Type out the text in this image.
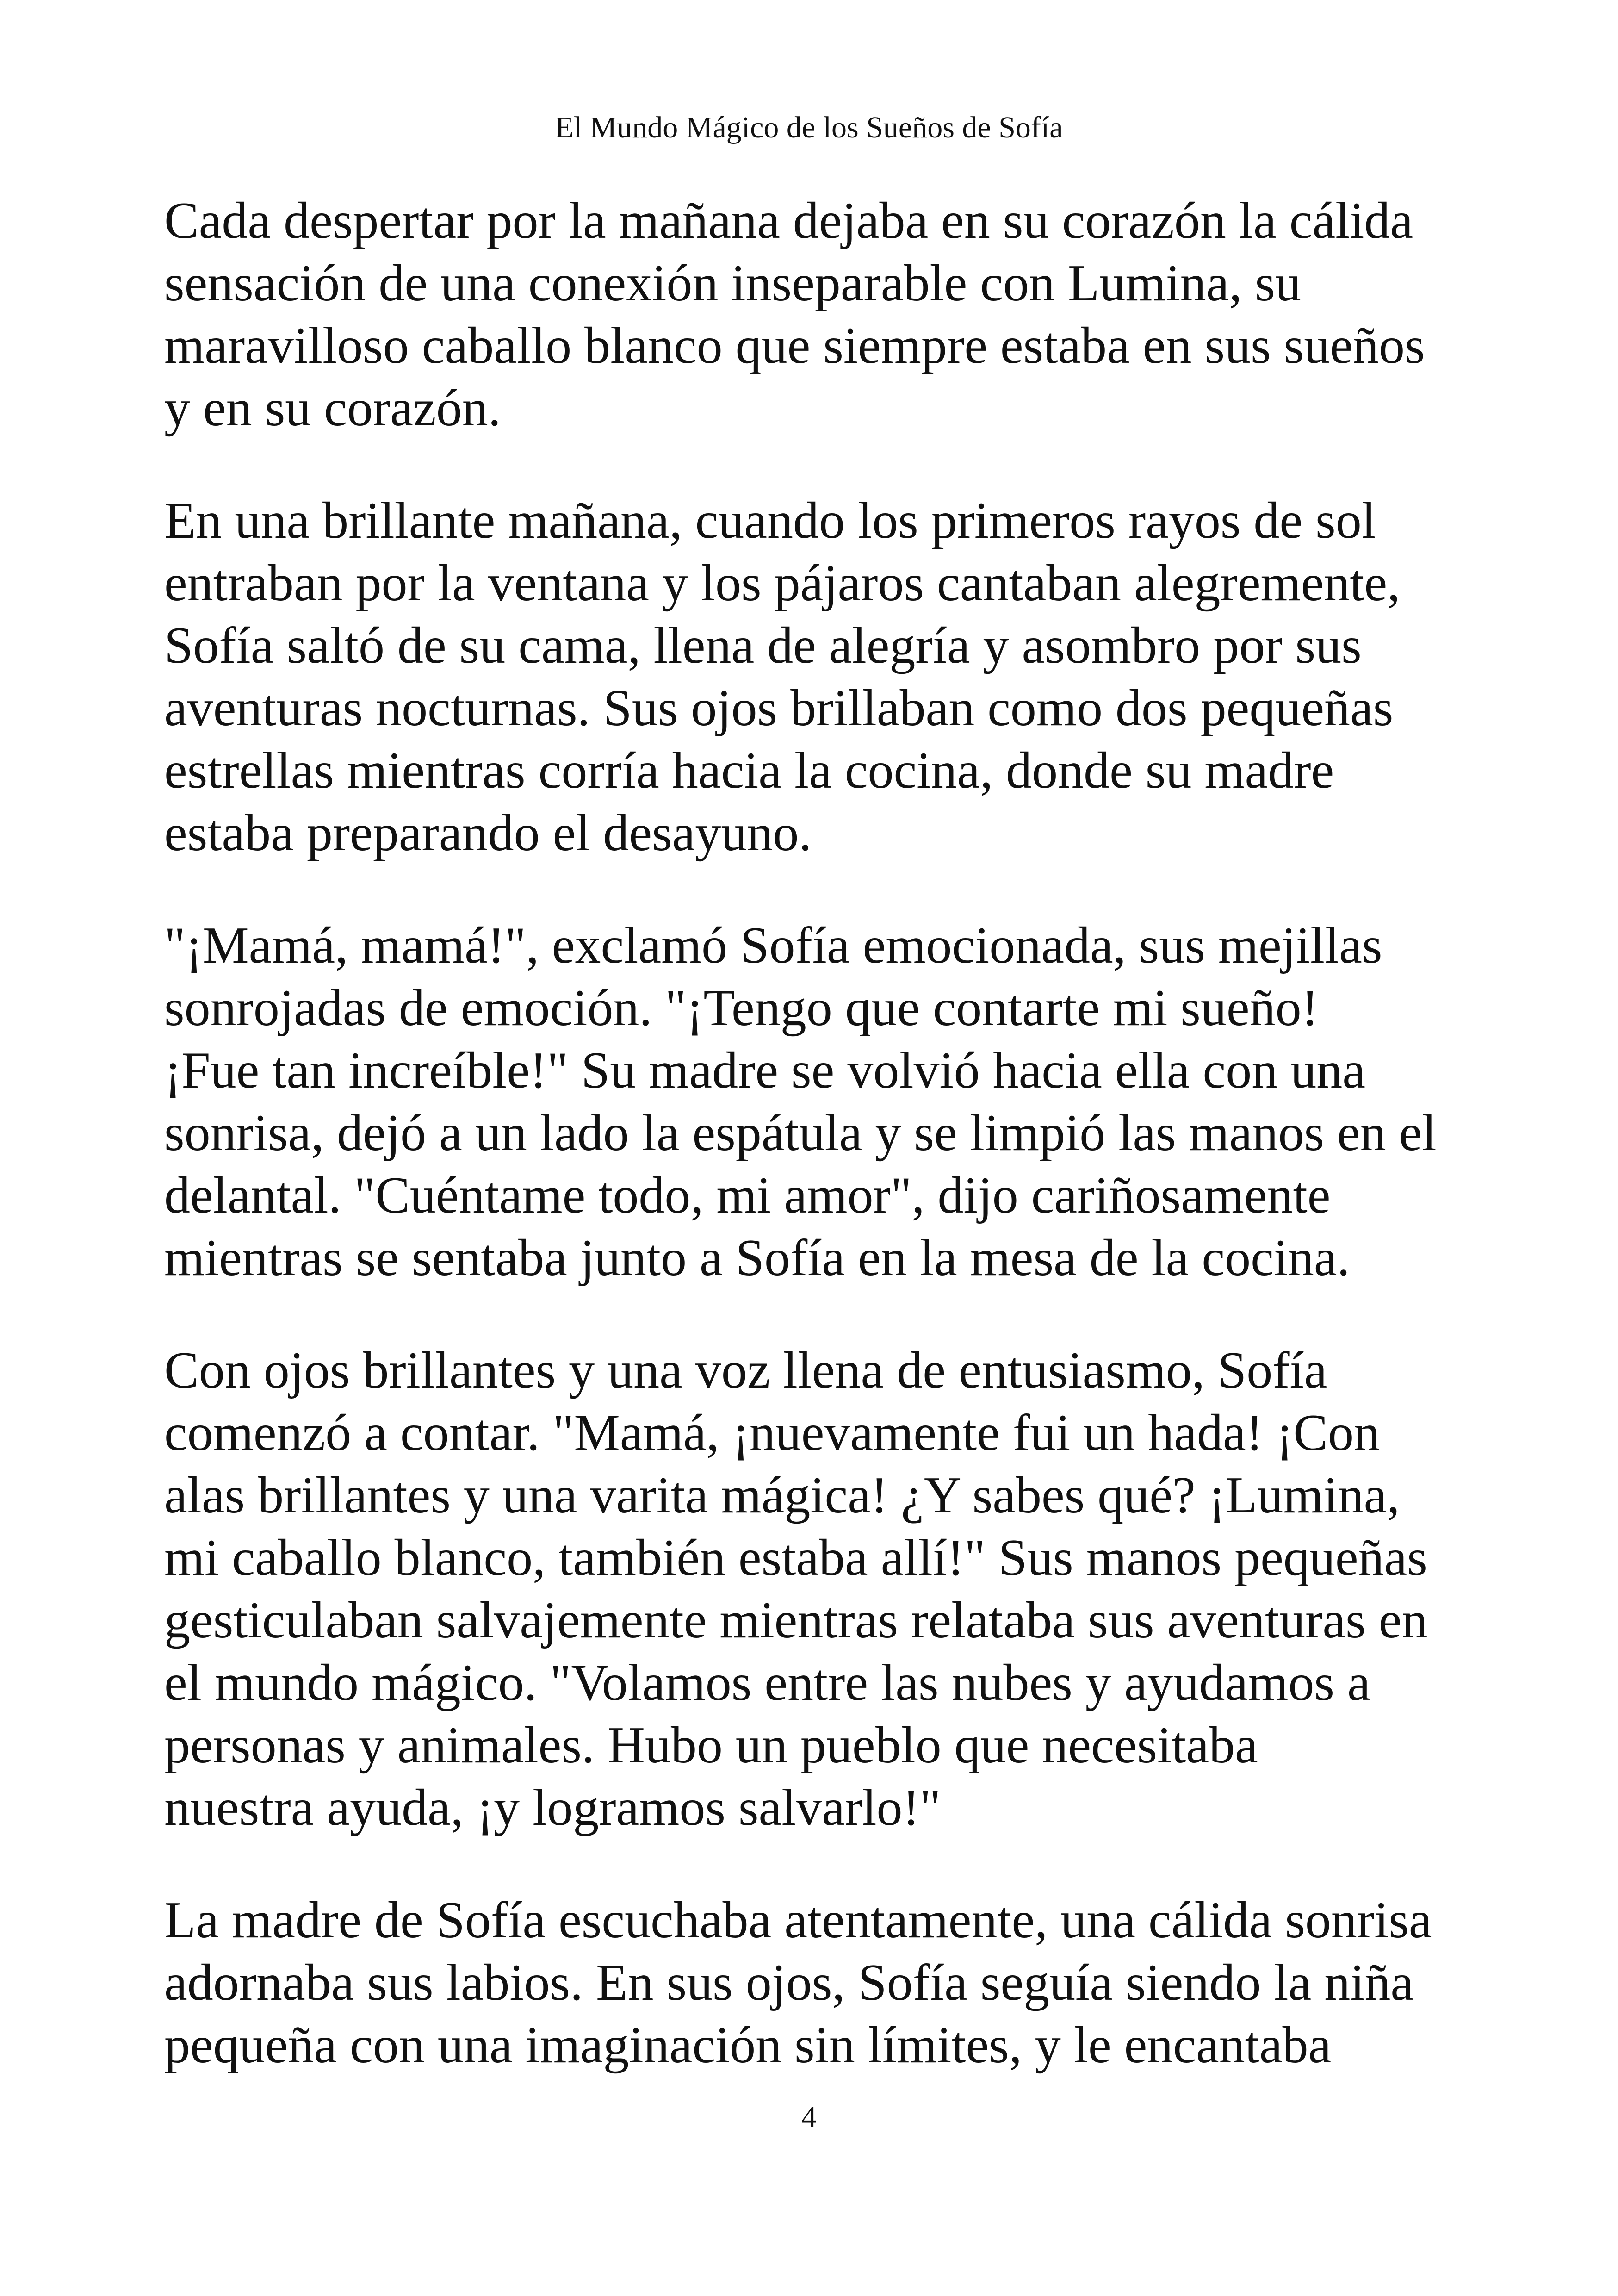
El Mundo Mágico de los Sueños de Sofía

Cada despertar por la mañana dejaba en su corazón la cálida
sensación de una conexión inseparable con Lumina, su
maravilloso caballo blanco que siempre estaba en sus sueños
y en su corazón.

En una brillante mañana, cuando los primeros rayos de sol
entraban por la ventana y los pájaros cantaban alegremente,
Sofía saltó de su cama, llena de alegría y asombro por sus
aventuras nocturnas. Sus ojos brillaban como dos pequeñas
estrellas mientras corría hacia la cocina, donde su madre
estaba preparando el desayuno.

"¡Mamá, mamá!", exclamó Sofía emocionada, sus mejillas
sonrojadas de emoción. "¡Tengo que contarte mi sueño!
¡Fue tan increíble!" Su madre se volvió hacia ella con una
sonrisa, dejó a un lado la espátula y se limpió las manos en el
delantal. "Cuéntame todo, mi amor", dijo cariñosamente
mientras se sentaba junto a Sofía en la mesa de la cocina.

Con ojos brillantes y una voz llena de entusiasmo, Sofía
comenzó a contar. "Mamá, ¡nuevamente fui un hada! ¡Con
alas brillantes y una varita mágica! ¿Y sabes qué? ¡Lumina,
mi caballo blanco, también estaba allí!" Sus manos pequeñas
gesticulaban salvajemente mientras relataba sus aventuras en
el mundo mágico. "Volamos entre las nubes y ayudamos a
personas y animales. Hubo un pueblo que necesitaba
nuestra ayuda, ¡y logramos salvarlo!"

La madre de Sofía escuchaba atentamente, una cálida sonrisa
adornaba sus labios. En sus ojos, Sofía seguía siendo la niña
pequeña con una imaginación sin límites, y le encantaba

4
